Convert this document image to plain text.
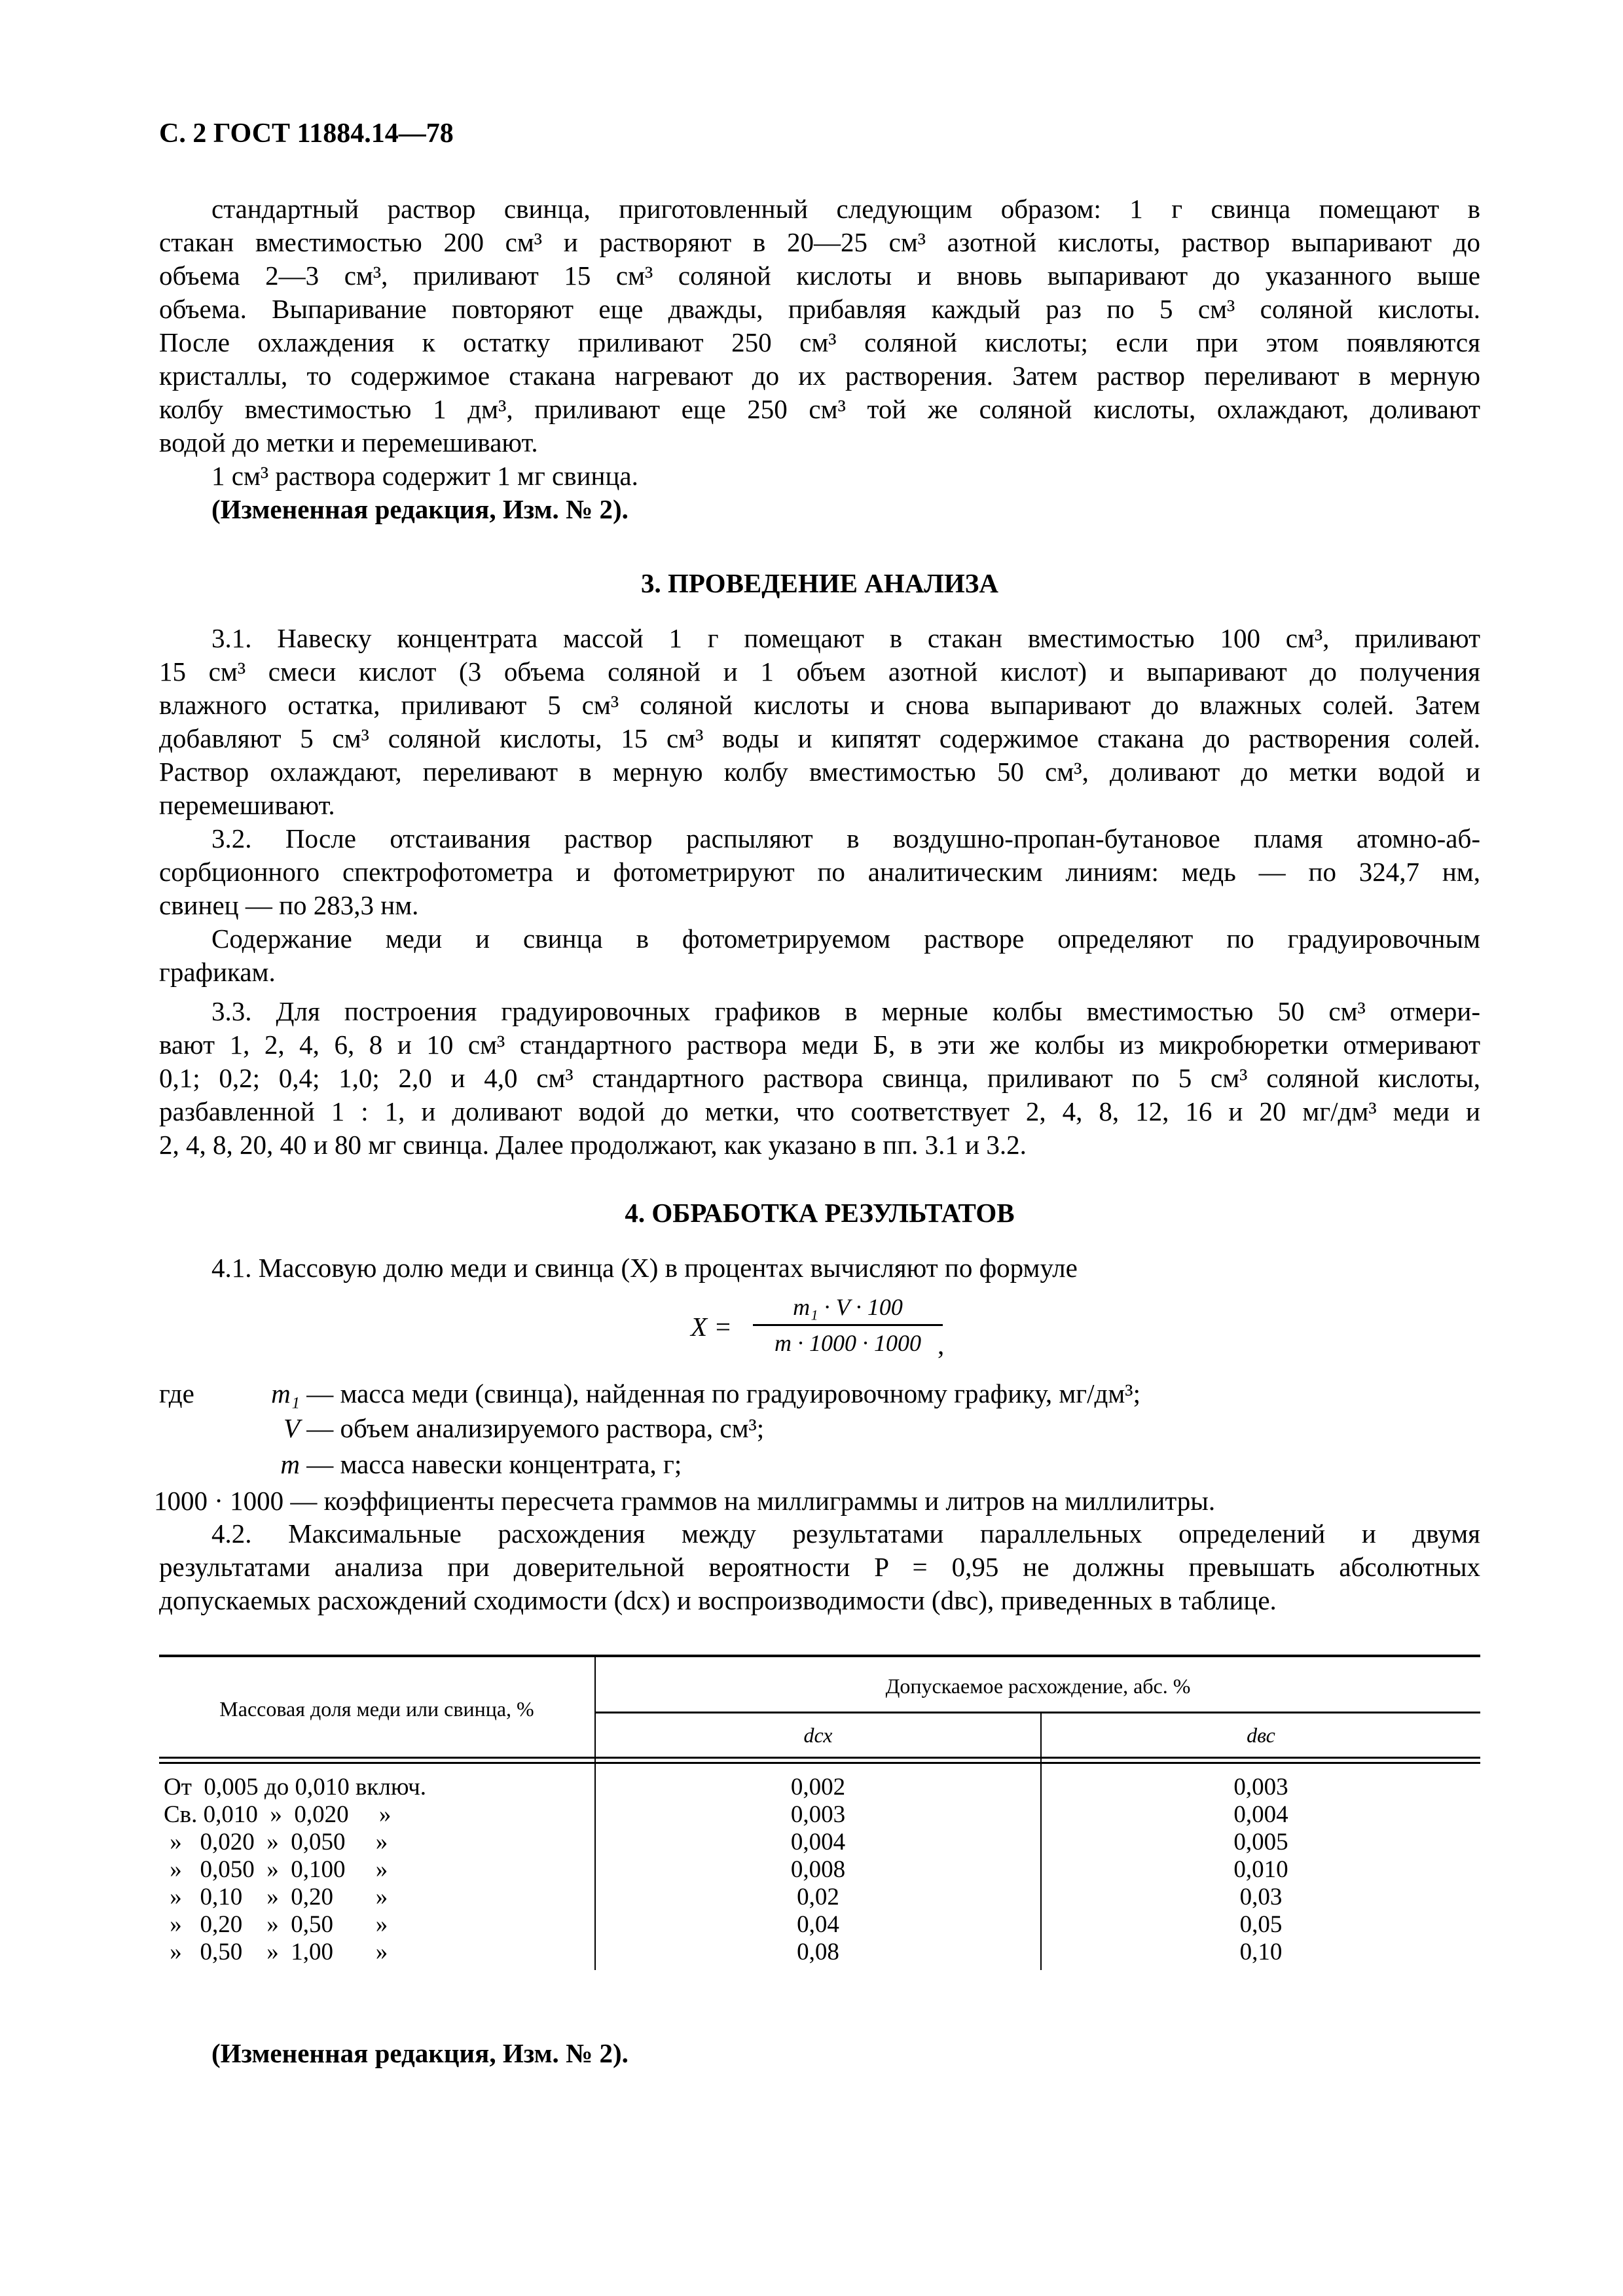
С. 2 ГОСТ 11884.14—78
стандартный раствор свинца, приготовленный следующим образом: 1 г свинца помещают в
стакан вместимостью 200 см³ и растворяют в 20—25 см³ азотной кислоты, раствор выпаривают до
объема 2—3 см³, приливают 15 см³ соляной кислоты и вновь выпаривают до указанного выше
объема. Выпаривание повторяют еще дважды, прибавляя каждый раз по 5 см³ соляной кислоты.
После охлаждения к остатку приливают 250 см³ соляной кислоты; если при этом появляются
кристаллы, то содержимое стакана нагревают до их растворения. Затем раствор переливают в мерную
колбу вместимостью 1 дм³, приливают еще 250 см³ той же соляной кислоты, охлаждают, доливают
водой до метки и перемешивают.
1 см³ раствора содержит 1 мг свинца.
(Измененная редакция, Изм. № 2).
3. ПРОВЕДЕНИЕ АНАЛИЗА
3.1. Навеску концентрата массой 1 г помещают в стакан вместимостью 100 см³, приливают
15 см³ смеси кислот (3 объема соляной и 1 объем азотной кислот) и выпаривают до получения
влажного остатка, приливают 5 см³ соляной кислоты и снова выпаривают до влажных солей. Затем
добавляют 5 см³ соляной кислоты, 15 см³ воды и кипятят содержимое стакана до растворения солей.
Раствор охлаждают, переливают в мерную колбу вместимостью 50 см³, доливают до метки водой и
перемешивают.
3.2. После отстаивания раствор распыляют в воздушно-пропан-бутановое пламя атомно-аб-
сорбционного спектрофотометра и фотометрируют по аналитическим линиям: медь — по 324,7 нм,
свинец — по 283,3 нм.
Содержание меди и свинца в фотометрируемом растворе определяют по градуировочным
графикам.
3.3. Для построения градуировочных графиков в мерные колбы вместимостью 50 см³ отмери-
вают 1, 2, 4, 6, 8 и 10 см³ стандартного раствора меди Б, в эти же колбы из микробюретки отмеривают
0,1; 0,2; 0,4; 1,0; 2,0 и 4,0 см³ стандартного раствора свинца, приливают по 5 см³ соляной кислоты,
разбавленной 1 : 1, и доливают водой до метки, что соответствует 2, 4, 8, 12, 16 и 20 мг/дм³ меди и
2, 4, 8, 20, 40 и 80 мг свинца. Далее продолжают, как указано в пп. 3.1 и 3.2.
4. ОБРАБОТКА РЕЗУЛЬТАТОВ
4.1. Массовую долю меди и свинца (X) в процентах вычисляют по формуле
X =
m₁ · V · 100
m · 1000 · 1000 ,
где	m₁ — масса меди (свинца), найденная по градуировочному графику, мг/дм³;
V — объем анализируемого раствора, см³;
m — масса навески концентрата, г;
1000 · 1000 — коэффициенты пересчета граммов на миллиграммы и литров на миллилитры.
4.2. Максимальные расхождения между результатами параллельных определений и двумя
результатами анализа при доверительной вероятности P = 0,95 не должны превышать абсолютных
допускаемых расхождений сходимости (dсх) и воспроизводимости (dвс), приведенных в таблице.
Массовая доля меди или свинца, %
Допускаемое расхождение, абс. %
dсх	dвс
От  0,005 до 0,010 включ.	0,002	0,003
Св. 0,010  »  0,020     »	0,003	0,004
»   0,020  »  0,050     »	0,004	0,005
»   0,050  »  0,100     »	0,008	0,010
»   0,10    »  0,20       »	0,02	0,03
»   0,20    »  0,50       »	0,04	0,05
»   0,50    »  1,00       »	0,08	0,10
(Измененная редакция, Изм. № 2).
